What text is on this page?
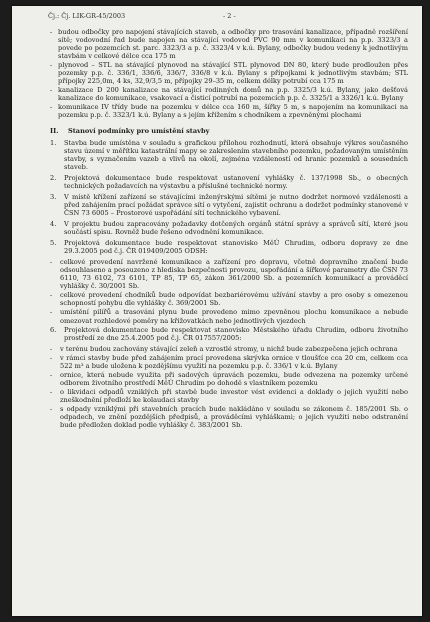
Čj.: Čj. LIK-GR-45/2003	- 2 -
- budou odbočky pro napojení stávajících staveb, a odbočky pro trasování kanalizace, případně rozšíření sítě; vodovodní řad bude napojen na stávající vodovod PVC 90 mm v komunikaci na p.p. 3323/3 a povede po pozemcích st. parc. 3323/3 a p. č. 3323/4 v k.ú. Bylany, odbočky budou vedeny k jednotlivým stavbám v celkové délce cca 175 m
- plynovod – STL na stávající plynovod na stávající STL plynovod DN 80, který bude prodloužen přes pozemky p.p. č. 336/1, 336/6, 336/7, 336/8 v k.ú. Bylany s přípojkami k jednotlivým stavbám; STL přípojky 225,0m, 4 ks, 32,9/3,5 m, přípojky 29–35 m, celkem délky potrubí cca 175 m
- kanalizace D 200 kanalizace na stávající rodinných domů na p.p. 3325/3 k.ú. Bylany, jako dešťová kanalizace do komunikace, vsakovací a čisticí potrubí na pozemcích p.p. č. 3325/1 a 3326/1 k.ú. Bylany
- komunikace IV třídy bude na pozemku v délce cca 160 m, šířky 5 m, s napojením na komunikaci na pozemku p.p. č. 3323/1 k.ú. Bylany a s jejím křížením s chodníkem a zpevněnými plochami
II. Stanoví podmínky pro umístění stavby
1. Stavba bude umístěna v souladu s grafickou přílohou rozhodnutí, která obsahuje výkres současného stavu území v měřítku katastrální mapy se zakreslením stavebního pozemku, požadovaným umístěním stavby, s vyznačením vazeb a vlivů na okolí, zejména vzdáleností od hranic pozemků a sousedních staveb.
2. Projektová dokumentace bude respektovat ustanovení vyhlášky č. 137/1998 Sb., o obecných technických požadavcích na výstavbu a příslušné technické normy.
3. V místě křížení zařízení se stávajícími inženýrskými sítěmi je nutno dodržet normové vzdálenosti a před zahájením prací požádat správce sítí o vytyčení, zajistit ochranu a dodržet podmínky stanovené v ČSN 73 6005 – Prostorové uspořádání sítí technického vybavení.
4. V projektu budou zapracovány požadavky dotčených orgánů státní správy a správců sítí, které jsou součástí spisu. Rovněž bude řešeno odvodnění komunikace.
5. Projektová dokumentace bude respektovat stanovisko MěÚ Chrudim, odboru dopravy ze dne 29.3.2005 pod č.j. ČR 019409/2005 ODSH:
- celkové provedení navržené komunikace a zařízení pro dopravu, včetně dopravního značení bude odsouhlaseno a posouzeno z hlediska bezpečnosti provozu, uspořádání a šířkové parametry dle ČSN 73 6110, 73 6102, 73 6101, TP 85, TP 65, zákon 361/2000 Sb. a pozemních komunikací a prováděcí vyhlášky č. 30/2001 Sb.
- celkové provedení chodníků bude odpovídat bezbariérovému užívání stavby a pro osoby s omezenou schopností pohybu dle vyhlášky č. 369/2001 Sb.
- umístění pilířů a trasování plynu bude provedeno mimo zpevněnou plochu komunikace a nebude omezovat rozhledové poměry na křižovatkách nebo jednotlivých vjezdech
6. Projektová dokumentace bude respektovat stanovisko Městského úřadu Chrudim, odboru životního prostředí ze dne 25.4.2005 pod č.j. ČR 017557/2005:
- v terénu budou zachovány stávající zeleň a vzrostlé stromy, u nichž bude zabezpečena jejich ochrana
- v rámci stavby bude před zahájením prací provedena skrývka ornice v tloušťce cca 20 cm, celkem cca 522 m³ a bude uložena k pozdějšímu využití na pozemku p.p. č. 336/1 v k.ú. Bylany
- ornice, která nebude využita při sadových úpravách pozemku, bude odvezena na pozemky určené odborem životního prostředí MěÚ Chrudim po dohodě s vlastníkem pozemku
- o likvidaci odpadů vzniklých při stavbě bude investor vést evidenci a doklady o jejich využití nebo zneškodnění předloží ke kolaudaci stavby
- s odpady vzniklými při stavebních pracích bude nakládáno v souladu se zákonem č. 185/2001 Sb. o odpadech, ve znění pozdějších předpisů, a prováděcími vyhláškami; o jejich využití nebo odstranění bude předložen doklad podle vyhlášky č. 383/2001 Sb.
